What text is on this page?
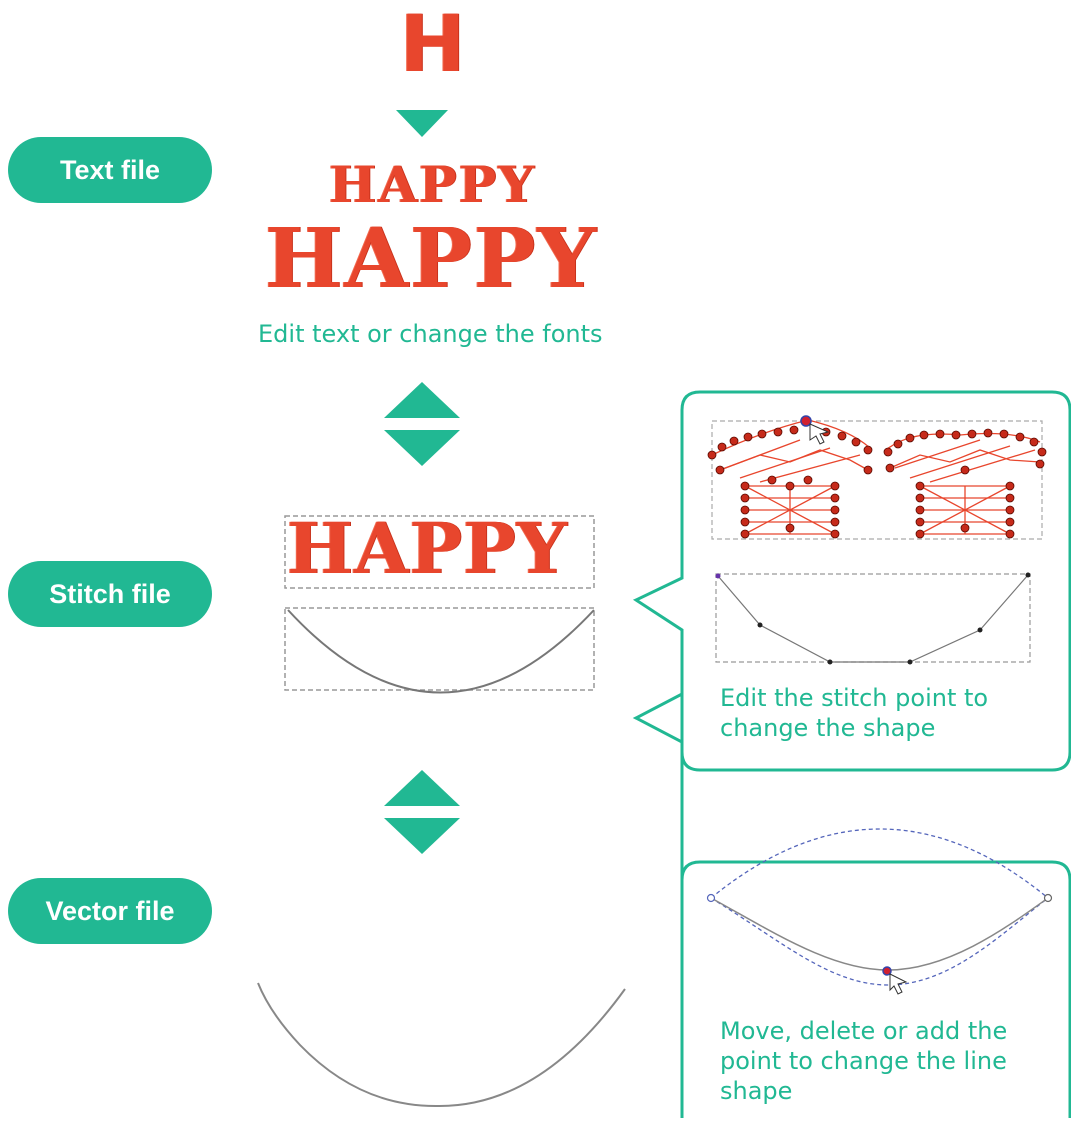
Text file
Stitch file
Vector file
H
HAPPY
HAPPY
HAPPY
Edit text or change the fonts
Edit the stitch point to change the shape
Move, delete or add the point to change the line shape
